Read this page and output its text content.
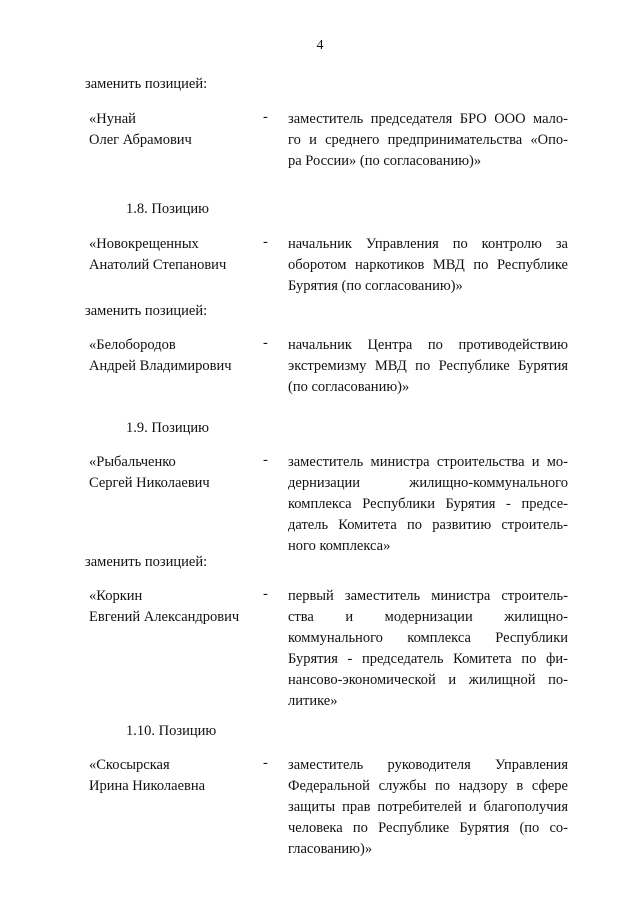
4
заменить позицией:
«Нунай
Олег Абрамович
- заместитель председателя БРО ООО мало-
го и среднего предпринимательства «Опо-
ра России» (по согласованию)»
1.8. Позицию
«Новокрещенных
Анатолий Степанович
- начальник Управления по контролю за
оборотом наркотиков МВД по Республике
Бурятия (по согласованию)»
заменить позицией:
«Белобородов
Андрей Владимирович
- начальник Центра по противодействию
экстремизму МВД по Республике Бурятия
(по согласованию)»
1.9. Позицию
«Рыбальченко
Сергей Николаевич
- заместитель министра строительства и мо-
дернизации жилищно-коммунального
комплекса Республики Бурятия - предсе-
датель Комитета по развитию строитель-
ного комплекса»
заменить позицией:
«Коркин
Евгений Александрович
- первый заместитель министра строитель-
ства и модернизации жилищно-
коммунального комплекса Республики
Бурятия - председатель Комитета по фи-
нансово-экономической и жилищной по-
литике»
1.10. Позицию
«Скосырская
Ирина Николаевна
- заместитель руководителя Управления
Федеральной службы по надзору в сфере
защиты прав потребителей и благополучия
человека по Республике Бурятия (по со-
гласованию)»
